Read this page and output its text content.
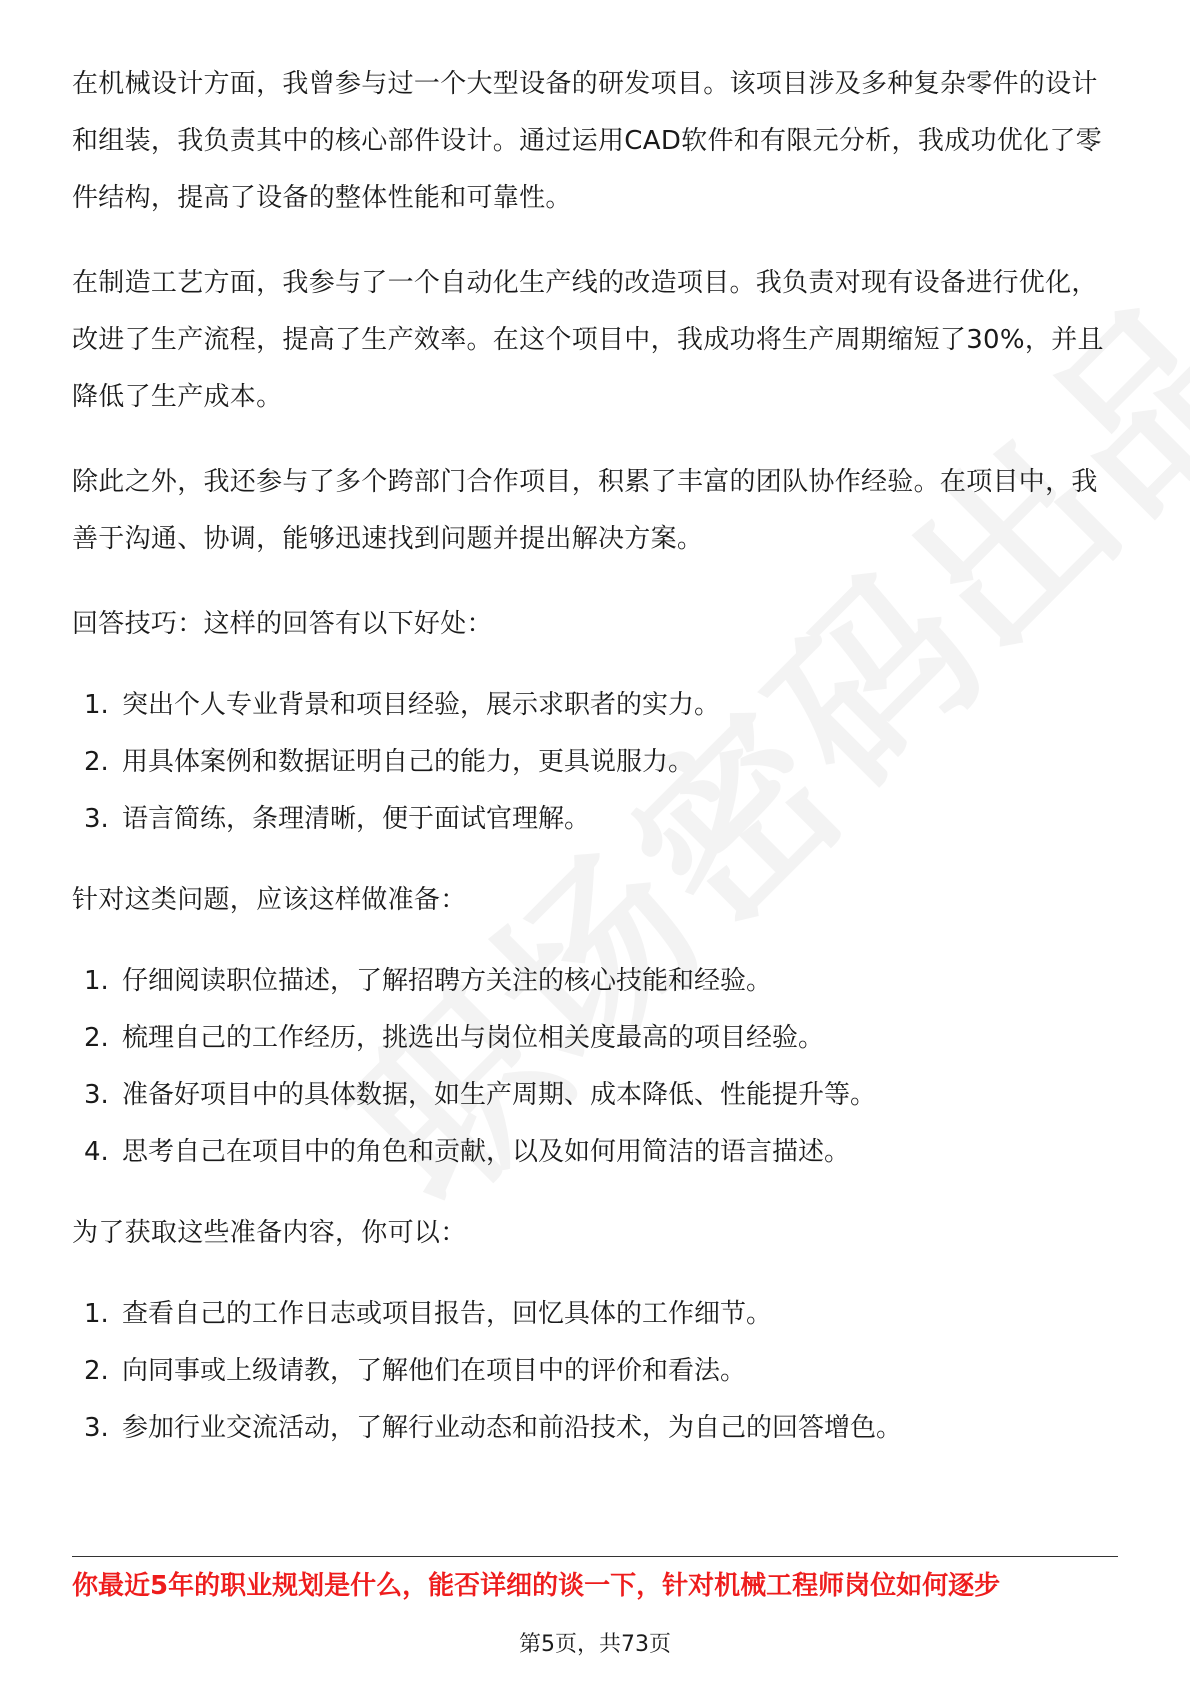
在机械设计方面，我曾参与过一个大型设备的研发项目。该项目涉及多种复杂零件的设计和组装，我负责其中的核心部件设计。通过运用CAD软件和有限元分析，我成功优化了零件结构，提高了设备的整体性能和可靠性。

在制造工艺方面，我参与了一个自动化生产线的改造项目。我负责对现有设备进行优化，改进了生产流程，提高了生产效率。在这个项目中，我成功将生产周期缩短了30%，并且降低了生产成本。

除此之外，我还参与了多个跨部门合作项目，积累了丰富的团队协作经验。在项目中，我善于沟通、协调，能够迅速找到问题并提出解决方案。

回答技巧：这样的回答有以下好处：

1. 突出个人专业背景和项目经验，展示求职者的实力。
2. 用具体案例和数据证明自己的能力，更具说服力。
3. 语言简练，条理清晰，便于面试官理解。

针对这类问题，应该这样做准备：

1. 仔细阅读职位描述，了解招聘方关注的核心技能和经验。
2. 梳理自己的工作经历，挑选出与岗位相关度最高的项目经验。
3. 准备好项目中的具体数据，如生产周期、成本降低、性能提升等。
4. 思考自己在项目中的角色和贡献，以及如何用简洁的语言描述。

为了获取这些准备内容，你可以：

1. 查看自己的工作日志或项目报告，回忆具体的工作细节。
2. 向同事或上级请教，了解他们在项目中的评价和看法。
3. 参加行业交流活动，了解行业动态和前沿技术，为自己的回答增色。
你最近5年的职业规划是什么，能否详细的谈一下，针对机械工程师岗位如何逐步
第5页，共73页
